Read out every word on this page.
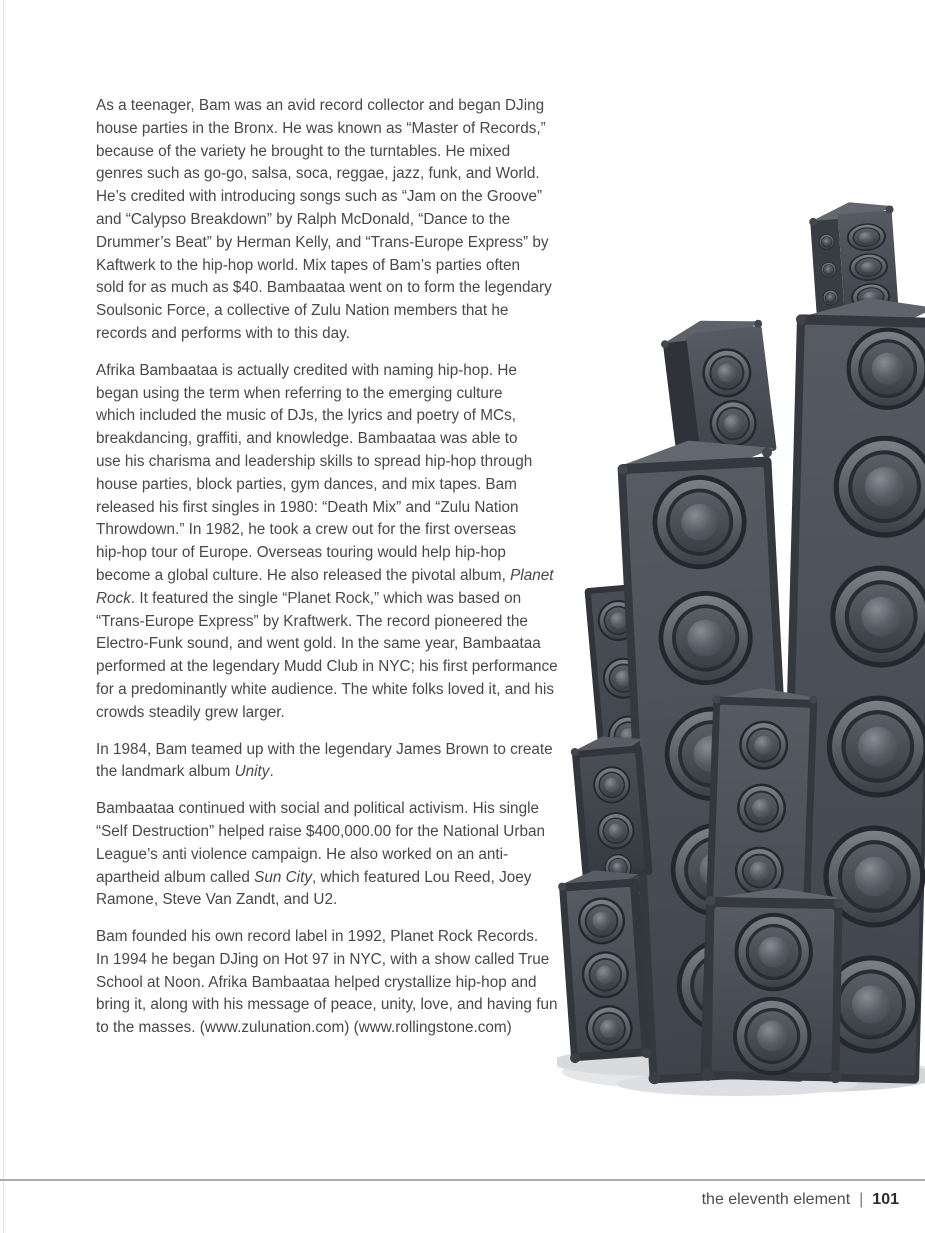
As a teenager, Bam was an avid record collector and began DJing
house parties in the Bronx. He was known as “Master of Records,”
because of the variety he brought to the turntables. He mixed
genres such as go-go, salsa, soca, reggae, jazz, funk, and World.
He’s credited with introducing songs such as “Jam on the Groove”
and “Calypso Breakdown” by Ralph McDonald, “Dance to the
Drummer’s Beat” by Herman Kelly, and “Trans-Europe Express” by
Kaftwerk to the hip-hop world. Mix tapes of Bam’s parties often
sold for as much as $40. Bambaataa went on to form the legendary
Soulsonic Force, a collective of Zulu Nation members that he
records and performs with to this day.

Afrika Bambaataa is actually credited with naming hip-hop. He
began using the term when referring to the emerging culture
which included the music of DJs, the lyrics and poetry of MCs,
breakdancing, graffiti, and knowledge. Bambaataa was able to
use his charisma and leadership skills to spread hip-hop through
house parties, block parties, gym dances, and mix tapes. Bam
released his first singles in 1980: “Death Mix” and “Zulu Nation
Throwdown.” In 1982, he took a crew out for the first overseas
hip-hop tour of Europe. Overseas touring would help hip-hop
become a global culture. He also released the pivotal album, Planet
Rock. It featured the single “Planet Rock,” which was based on
“Trans-Europe Express” by Kraftwerk. The record pioneered the
Electro-Funk sound, and went gold. In the same year, Bambaataa
performed at the legendary Mudd Club in NYC; his first performance
for a predominantly white audience. The white folks loved it, and his
crowds steadily grew larger.

In 1984, Bam teamed up with the legendary James Brown to create
the landmark album Unity.

Bambaataa continued with social and political activism. His single
“Self Destruction” helped raise $400,000.00 for the National Urban
League’s anti violence campaign. He also worked on an anti-
apartheid album called Sun City, which featured Lou Reed, Joey
Ramone, Steve Van Zandt, and U2.

Bam founded his own record label in 1992, Planet Rock Records.
In 1994 he began DJing on Hot 97 in NYC, with a show called True
School at Noon. Afrika Bambaataa helped crystallize hip-hop and
bring it, along with his message of peace, unity, love, and having fun
to the masses. (www.zulunation.com) (www.rollingstone.com)

the eleventh element | 101
